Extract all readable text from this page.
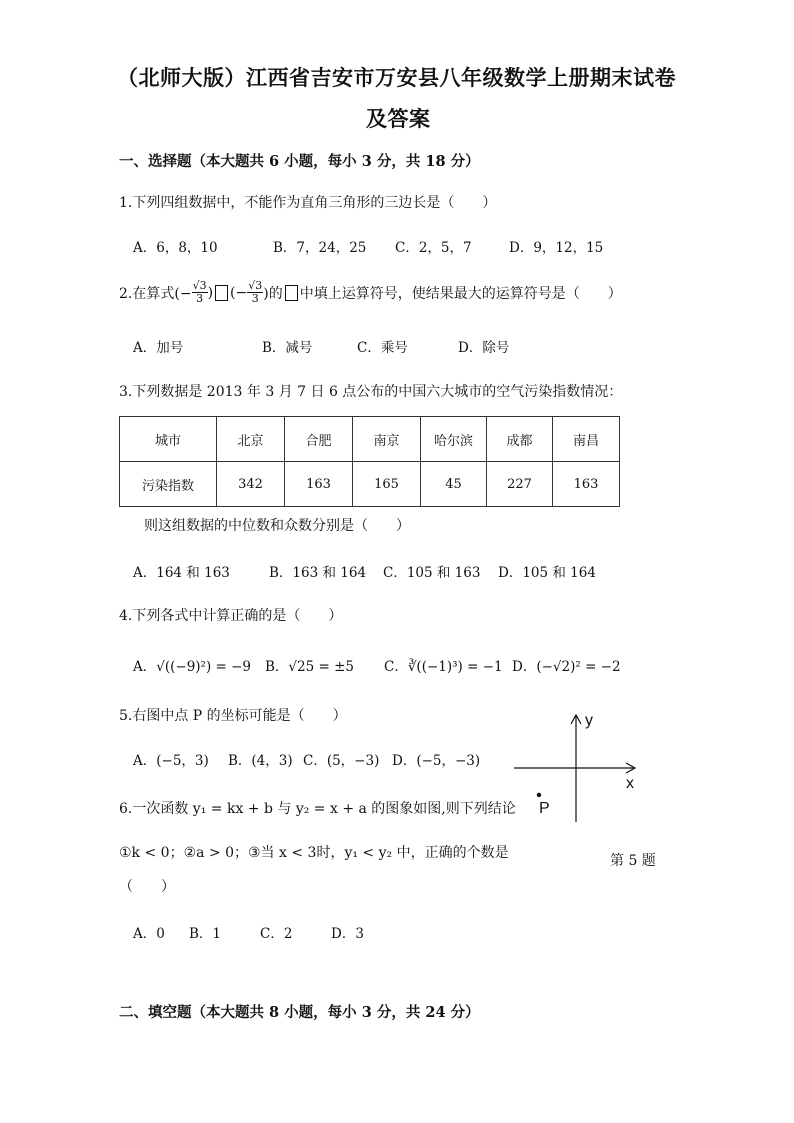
（北师大版）江西省吉安市万安县八年级数学上册期末试卷
及答案
一、选择题（本大题共 6 小题，每小 3 分，共 18 分）
1.下列四组数据中，不能作为直角三角形的三边长是（　　）
A．6，8，10	B．7，24，25 C．2，5，7	D．9，12，15
2.在算式(− $\frac{√3}{3}$ ) (− $\frac{√3}{3}$ )的 中填上运算符号，使结果最大的运算符号是（　　）
A．加号	B．减号	C．乘号	D．除号
3.下列数据是 2013 年 3 月 7 日 6 点公布的中国六大城市的空气污染指数情况：
城市	北京	合肥	南京	哈尔滨	成都	南昌
污染指数	342	163	165	45	227	163
则这组数据的中位数和众数分别是（　　）
A．164 和 163	B．163 和 164 C．105 和 163 D．105 和 164
4.下列各式中计算正确的是（　　）
A．√((−9)²) = −9 B．√25 = ±5 C．∛((−1)³) = −1 D．(−√2)² = −2
5.右图中点 P 的坐标可能是（　　）
A．(−5，3) B．(4，3) C．(5，−3) D．(−5，−3)
y
x
P
第 5 题
6.一次函数 y₁ = kx + b 与 y₂ = x + a 的图象如图,则下列结论
①k < 0；②a > 0；③当 x < 3时，y₁ < y₂ 中，正确的个数是
（　　）
A．0 B．1	C．2	D．3
二、填空题（本大题共 8 小题，每小 3 分，共 24 分）
